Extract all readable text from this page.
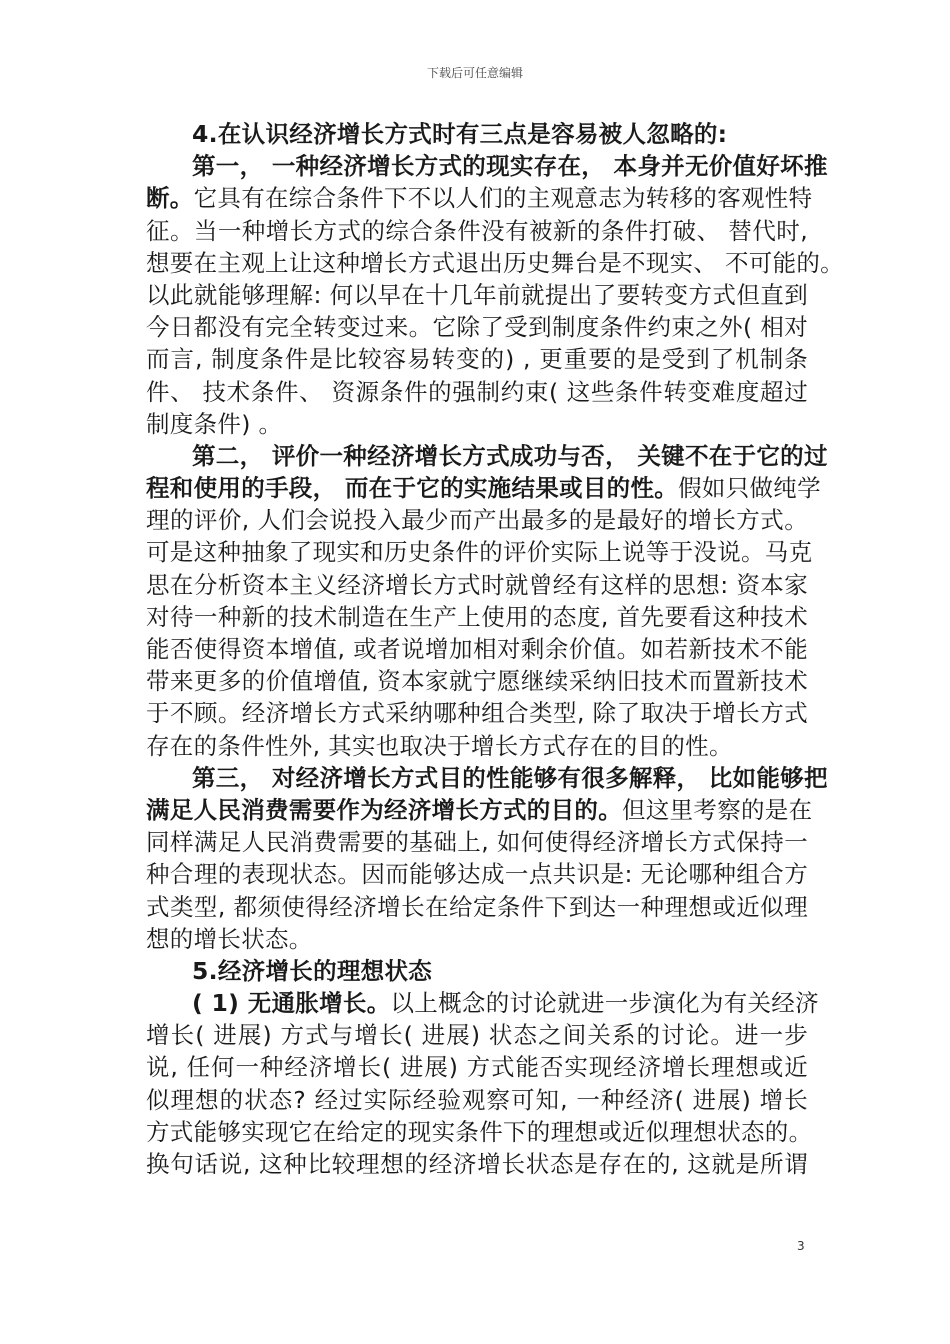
下载后可任意编辑
4.在认识经济增长方式时有三点是容易被人忽略的:
第一， 一种经济增长方式的现实存在， 本身并无价值好坏推
断。它具有在综合条件下不以人们的主观意志为转移的客观性特
征。当一种增长方式的综合条件没有被新的条件打破、 替代时,
想要在主观上让这种增长方式退出历史舞台是不现实、 不可能的。
以此就能够理解: 何以早在十几年前就提出了要转变方式但直到
今日都没有完全转变过来。它除了受到制度条件约束之外( 相对
而言, 制度条件是比较容易转变的) , 更重要的是受到了机制条
件、 技术条件、 资源条件的强制约束( 这些条件转变难度超过
制度条件) 。
第二， 评价一种经济增长方式成功与否， 关键不在于它的过
程和使用的手段， 而在于它的实施结果或目的性。假如只做纯学
理的评价, 人们会说投入最少而产出最多的是最好的增长方式。
可是这种抽象了现实和历史条件的评价实际上说等于没说。马克
思在分析资本主义经济增长方式时就曾经有这样的思想: 资本家
对待一种新的技术制造在生产上使用的态度, 首先要看这种技术
能否使得资本增值, 或者说增加相对剩余价值。如若新技术不能
带来更多的价值增值, 资本家就宁愿继续采纳旧技术而置新技术
于不顾。经济增长方式采纳哪种组合类型, 除了取决于增长方式
存在的条件性外, 其实也取决于增长方式存在的目的性。
第三， 对经济增长方式目的性能够有很多解释， 比如能够把
满足人民消费需要作为经济增长方式的目的。但这里考察的是在
同样满足人民消费需要的基础上, 如何使得经济增长方式保持一
种合理的表现状态。因而能够达成一点共识是: 无论哪种组合方
式类型, 都须使得经济增长在给定条件下到达一种理想或近似理
想的增长状态。
5.经济增长的理想状态
( 1) 无通胀增长。以上概念的讨论就进一步演化为有关经济
增长( 进展) 方式与增长( 进展) 状态之间关系的讨论。进一步
说, 任何一种经济增长( 进展) 方式能否实现经济增长理想或近
似理想的状态? 经过实际经验观察可知, 一种经济( 进展) 增长
方式能够实现它在给定的现实条件下的理想或近似理想状态的。
换句话说, 这种比较理想的经济增长状态是存在的, 这就是所谓
3
